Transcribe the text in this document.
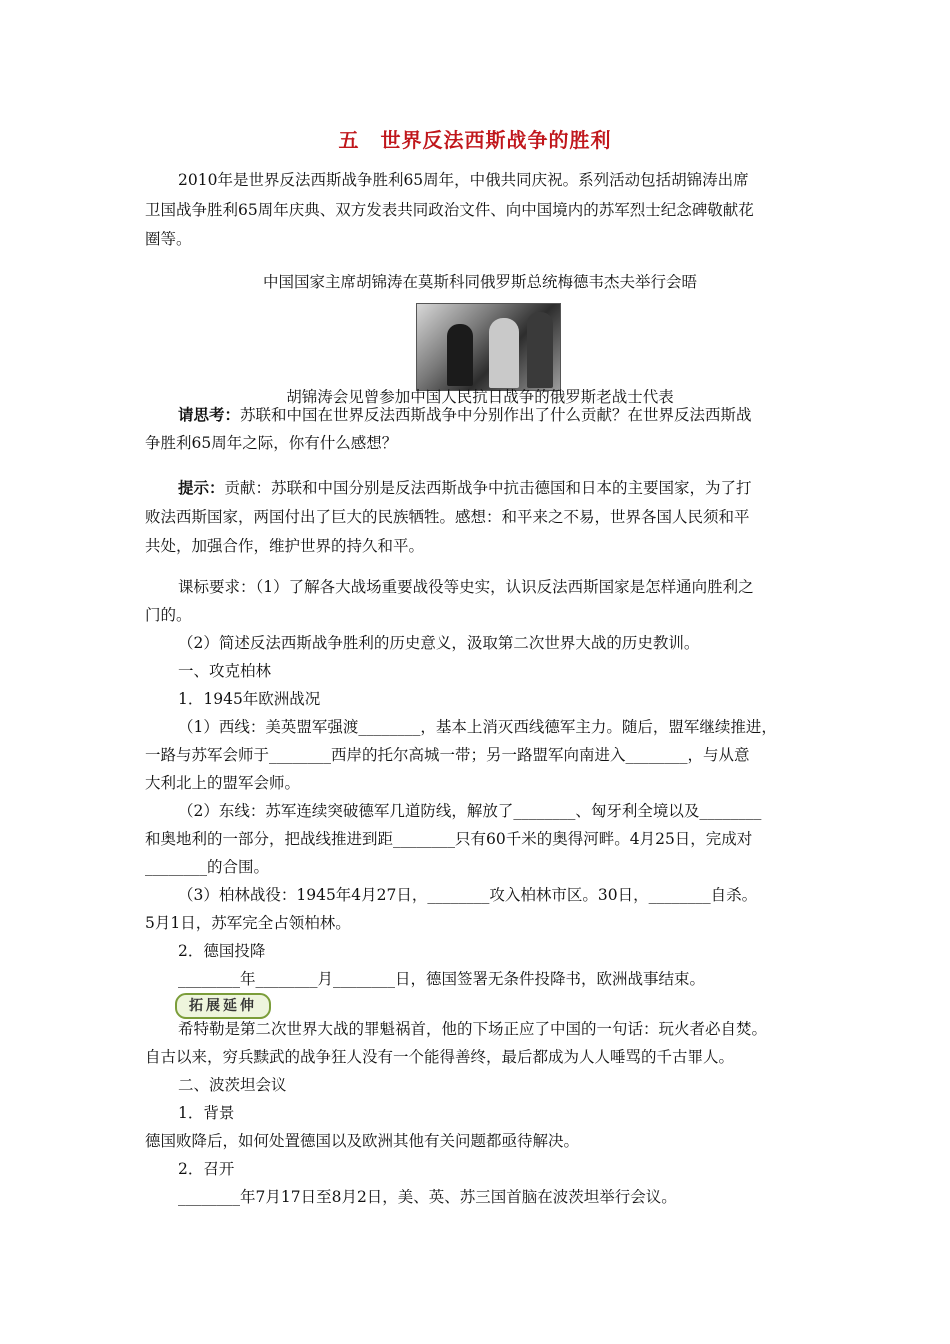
五　世界反法西斯战争的胜利
2010年是世界反法西斯战争胜利65周年，中俄共同庆祝。系列活动包括胡锦涛出席
卫国战争胜利65周年庆典、双方发表共同政治文件、向中国境内的苏军烈士纪念碑敬献花
圈等。
中国国家主席胡锦涛在莫斯科同俄罗斯总统梅德韦杰夫举行会晤
胡锦涛会见曾参加中国人民抗日战争的俄罗斯老战士代表
请思考：苏联和中国在世界反法西斯战争中分别作出了什么贡献？在世界反法西斯战
争胜利65周年之际，你有什么感想？
提示：贡献：苏联和中国分别是反法西斯战争中抗击德国和日本的主要国家，为了打
败法西斯国家，两国付出了巨大的民族牺牲。感想：和平来之不易，世界各国人民须和平
共处，加强合作，维护世界的持久和平。
课标要求：（1）了解各大战场重要战役等史实，认识反法西斯国家是怎样通向胜利之
门的。
（2）简述反法西斯战争胜利的历史意义，汲取第二次世界大战的历史教训。
一、攻克柏林
1．1945年欧洲战况
（1）西线：美英盟军强渡________，基本上消灭西线德军主力。随后，盟军继续推进，
一路与苏军会师于________西岸的托尔高城一带；另一路盟军向南进入________，与从意
大利北上的盟军会师。
（2）东线：苏军连续突破德军几道防线，解放了________、匈牙利全境以及________
和奥地利的一部分，把战线推进到距________只有60千米的奥得河畔。4月25日，完成对
________的合围。
（3）柏林战役：1945年4月27日，________攻入柏林市区。30日，________自杀。
5月1日，苏军完全占领柏林。
2．德国投降
________年________月________日，德国签署无条件投降书，欧洲战事结束。
拓展延伸
希特勒是第二次世界大战的罪魁祸首，他的下场正应了中国的一句话：玩火者必自焚。
自古以来，穷兵黩武的战争狂人没有一个能得善终，最后都成为人人唾骂的千古罪人。
二、波茨坦会议
1．背景
德国败降后，如何处置德国以及欧洲其他有关问题都亟待解决。
2．召开
________年7月17日至8月2日，美、英、苏三国首脑在波茨坦举行会议。
